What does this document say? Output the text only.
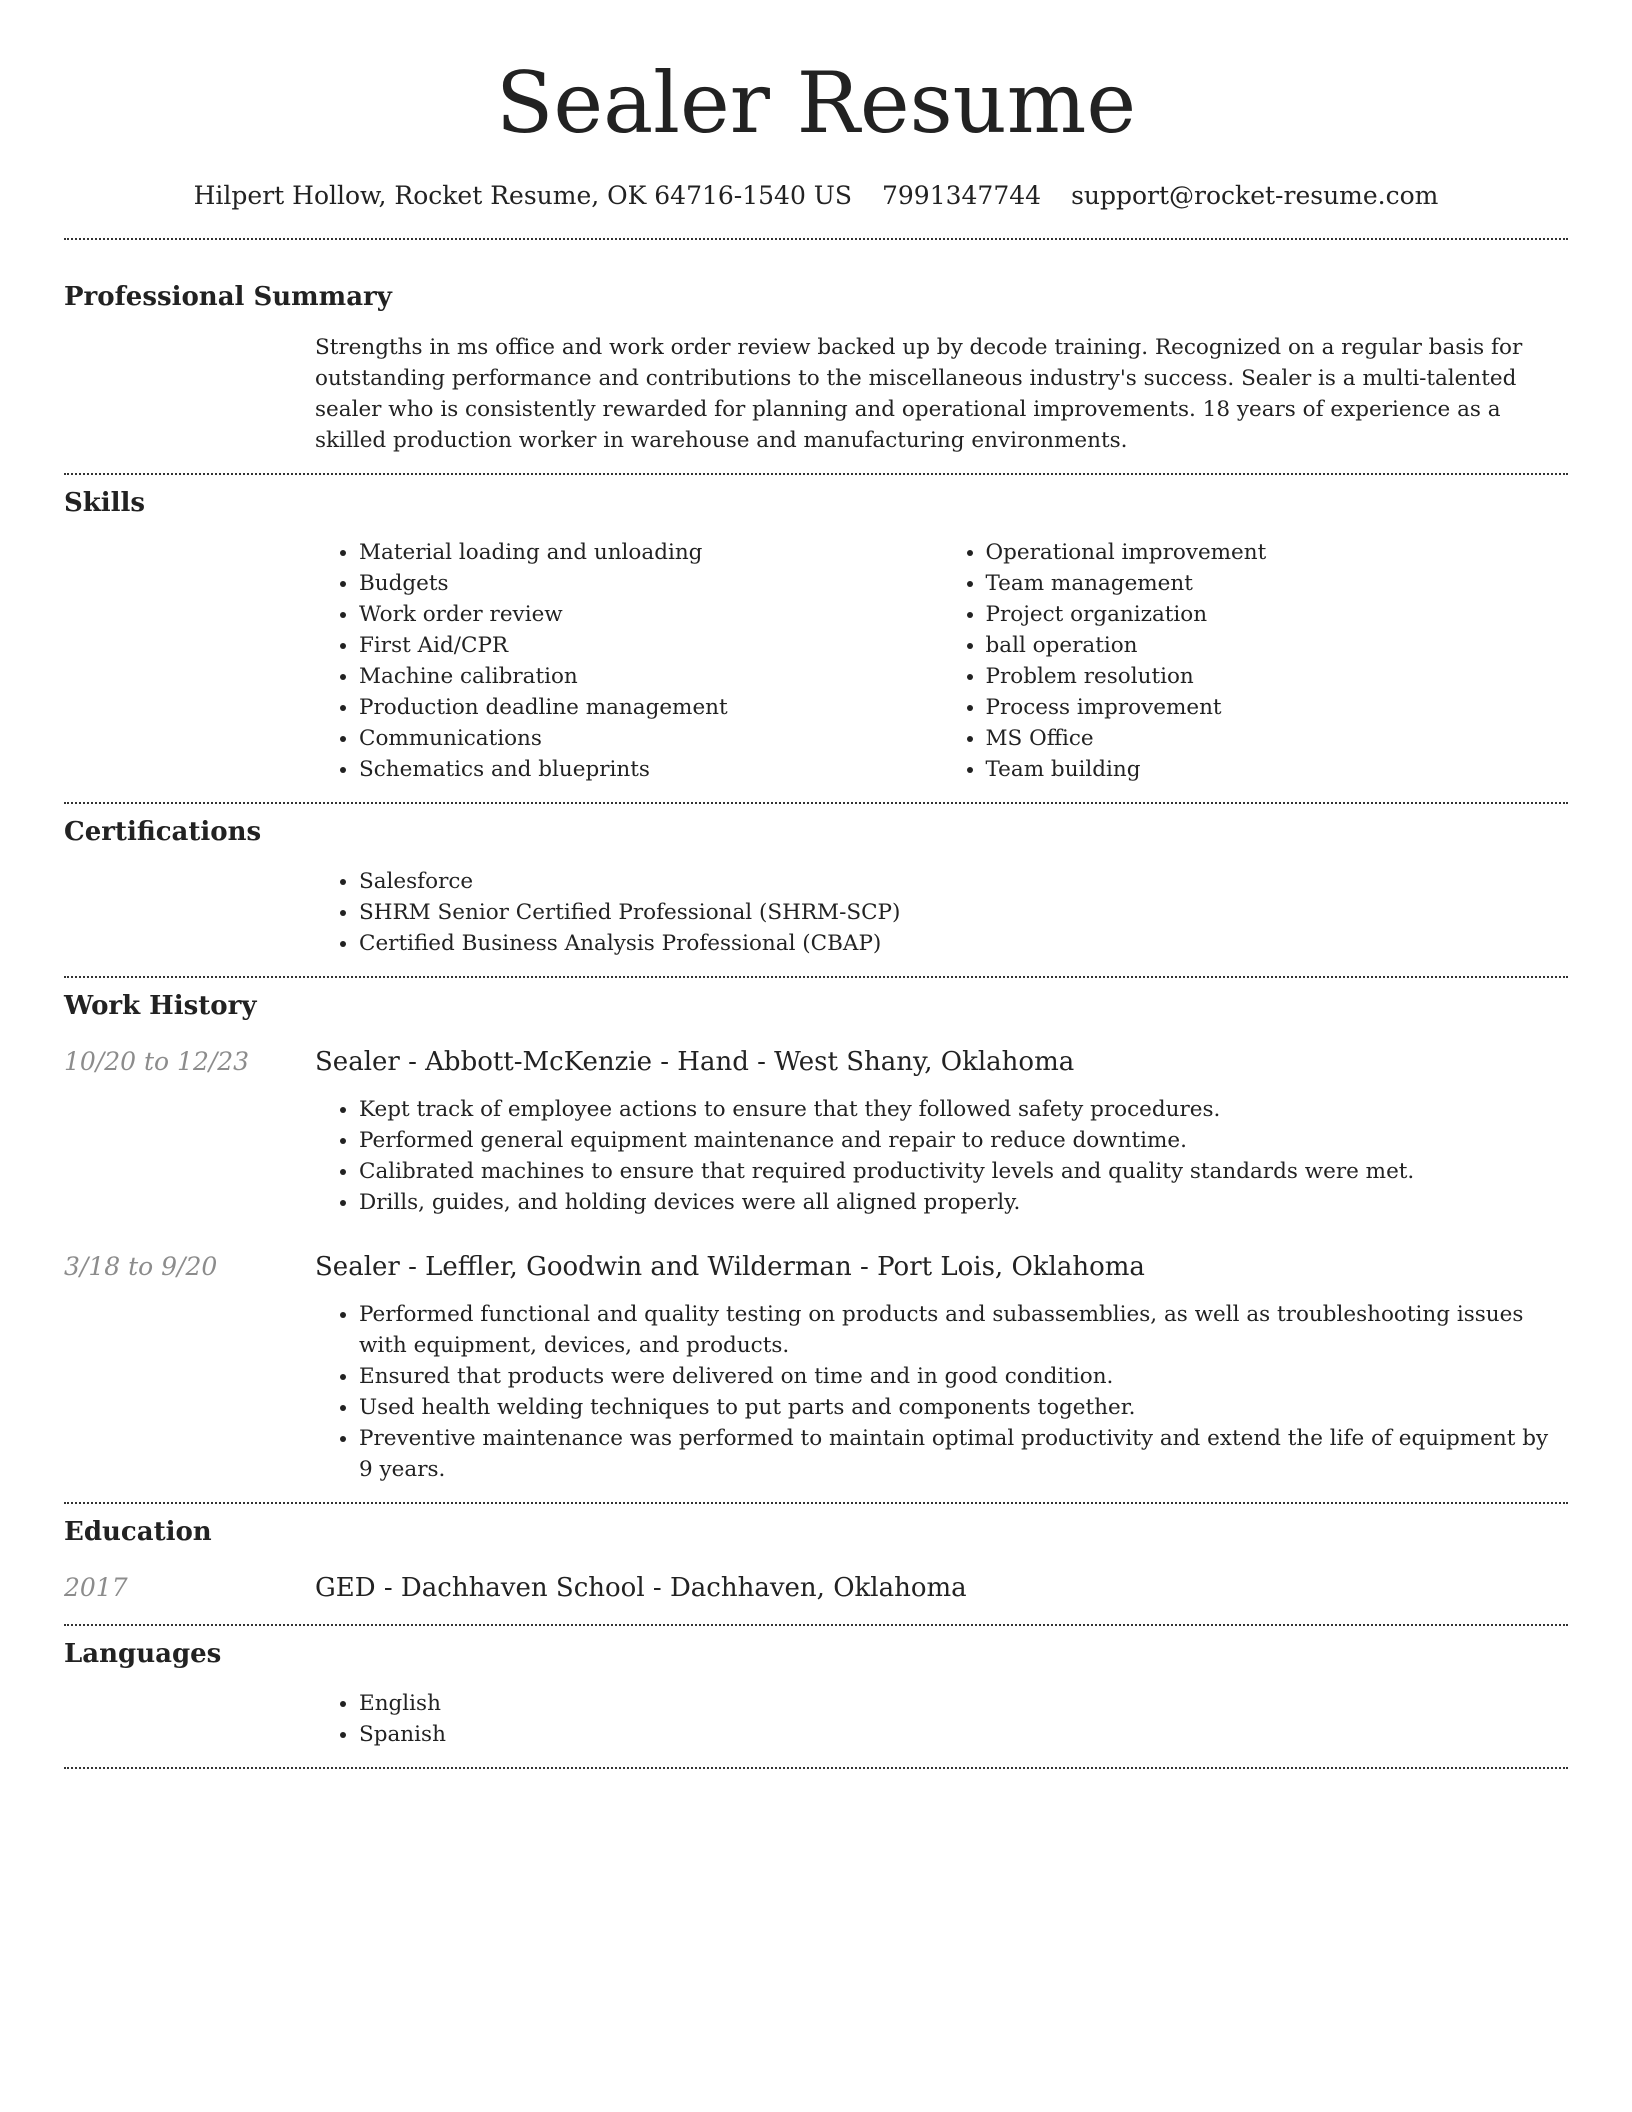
Sealer Resume
Hilpert Hollow, Rocket Resume, OK 64716-1540 US 7991347744 support@rocket-resume.com
Professional Summary
Strengths in ms office and work order review backed up by decode training. Recognized on a regular basis for outstanding performance and contributions to the miscellaneous industry's success. Sealer is a multi-talented sealer who is consistently rewarded for planning and operational improvements. 18 years of experience as a skilled production worker in warehouse and manufacturing environments.
Skills
• Material loading and unloading
• Budgets
• Work order review
• First Aid/CPR
• Machine calibration
• Production deadline management
• Communications
• Schematics and blueprints
• Operational improvement
• Team management
• Project organization
• ball operation
• Problem resolution
• Process improvement
• MS Office
• Team building
Certifications
• Salesforce
• SHRM Senior Certified Professional (SHRM-SCP)
• Certified Business Analysis Professional (CBAP)
Work History
10/20 to 12/23	Sealer - Abbott-McKenzie - Hand - West Shany, Oklahoma
• Kept track of employee actions to ensure that they followed safety procedures.
• Performed general equipment maintenance and repair to reduce downtime.
• Calibrated machines to ensure that required productivity levels and quality standards were met.
• Drills, guides, and holding devices were all aligned properly.
3/18 to 9/20	Sealer - Leffler, Goodwin and Wilderman - Port Lois, Oklahoma
• Performed functional and quality testing on products and subassemblies, as well as troubleshooting issues with equipment, devices, and products.
• Ensured that products were delivered on time and in good condition.
• Used health welding techniques to put parts and components together.
• Preventive maintenance was performed to maintain optimal productivity and extend the life of equipment by 9 years.
Education
2017	GED - Dachhaven School - Dachhaven, Oklahoma
Languages
• English
• Spanish
